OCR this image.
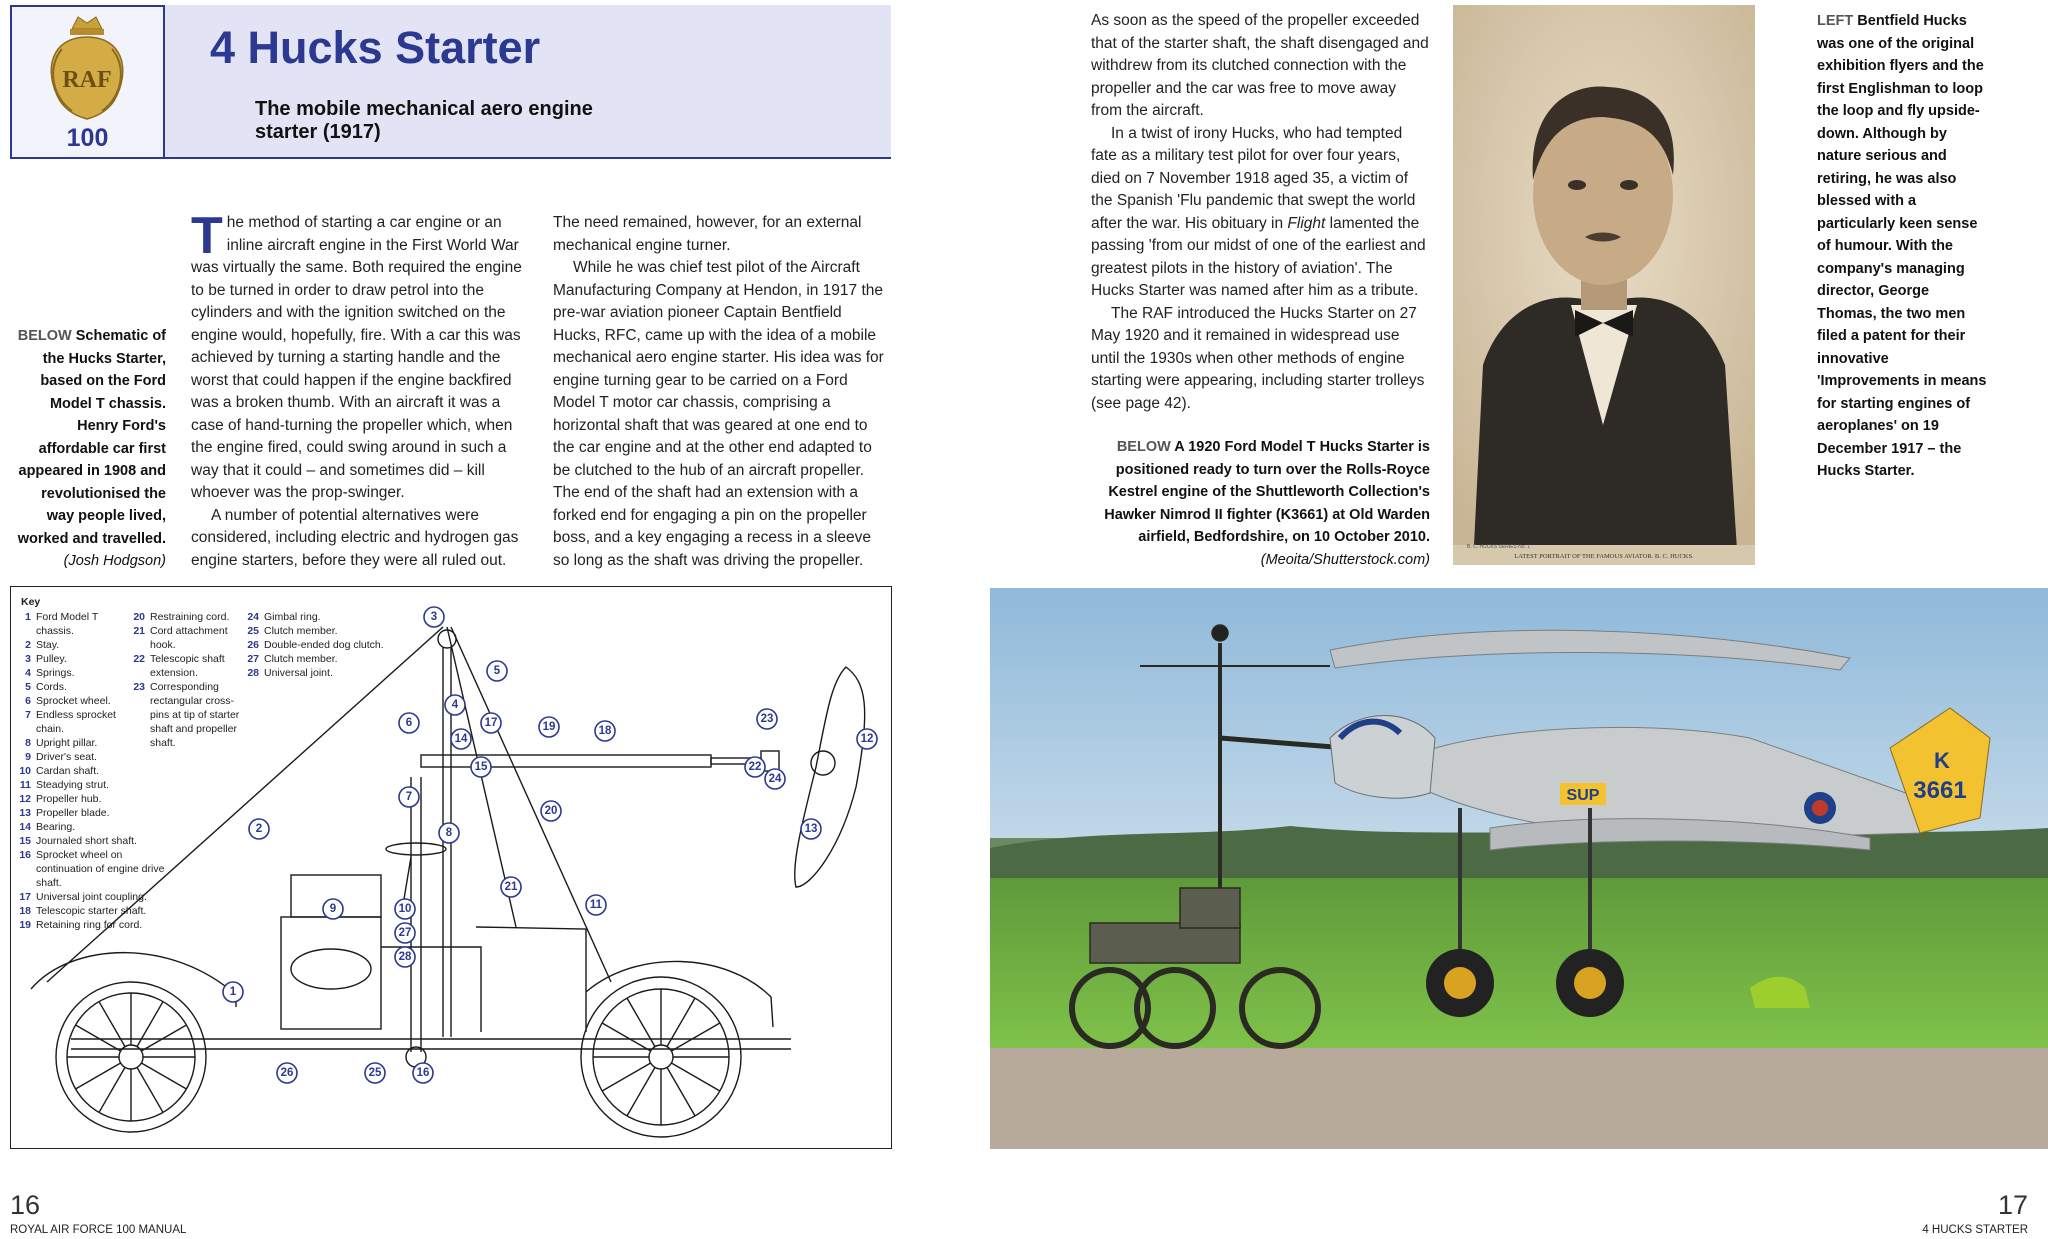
RAF
100
4 Hucks Starter
The mobile mechanical aero engine starter (1917)
BELOW Schematic of the Hucks Starter, based on the Ford Model T chassis. Henry Ford's affordable car first appeared in 1908 and revolutionised the way people lived, worked and travelled.
(Josh Hodgson)

The method of starting a car engine or an inline aircraft engine in the First World War was virtually the same. Both required the engine to be turned in order to draw petrol into the cylinders and with the ignition switched on the engine would, hopefully, fire. With a car this was achieved by turning a starting handle and the worst that could happen if the engine backfired was a broken thumb. With an aircraft it was a case of hand-turning the propeller which, when the engine fired, could swing around in such a way that it could – and sometimes did – kill whoever was the prop-swinger.

A number of potential alternatives were considered, including electric and hydrogen gas engine starters, before they were all ruled out.

The need remained, however, for an external mechanical engine turner.

While he was chief test pilot of the Aircraft Manufacturing Company at Hendon, in 1917 the pre-war aviation pioneer Captain Bentfield Hucks, RFC, came up with the idea of a mobile mechanical aero engine starter. His idea was for engine turning gear to be carried on a Ford Model T motor car chassis, comprising a horizontal shaft that was geared at one end to the car engine and at the other end adapted to be clutched to the hub of an aircraft propeller. The end of the shaft had an extension with a forked end for engaging a pin on the propeller boss, and a key engaging a recess in a sleeve so long as the shaft was driving the propeller.

As soon as the speed of the propeller exceeded that of the starter shaft, the shaft disengaged and withdrew from its clutched connection with the propeller and the car was free to move away from the aircraft.

In a twist of irony Hucks, who had tempted fate as a military test pilot for over four years, died on 7 November 1918 aged 35, a victim of the Spanish 'Flu pandemic that swept the world after the war. His obituary in Flight lamented the passing 'from our midst of one of the earliest and greatest pilots in the history of aviation'. The Hucks Starter was named after him as a tribute.

The RAF introduced the Hucks Starter on 27 May 1920 and it remained in widespread use until the 1930s when other methods of engine starting were appearing, including starter trolleys (see page 42).

BELOW A 1920 Ford Model T Hucks Starter is positioned ready to turn over the Rolls-Royce Kestrel engine of the Shuttleworth Collection's Hawker Nimrod II fighter (K3661) at Old Warden airfield, Bedfordshire, on 10 October 2010.
(Meoita/Shutterstock.com)
B. C. HUCKS SERIES No. 1
LATEST PORTRAIT OF THE FAMOUS AVIATOR. B. C. HUCKS.
LEFT Bentfield Hucks was one of the original exhibition flyers and the first Englishman to loop the loop and fly upside-down. Although by nature serious and retiring, he was also blessed with a particularly keen sense of humour. With the company's managing director, George Thomas, the two men filed a patent for their innovative 'Improvements in means for starting engines of aeroplanes' on 19 December 1917 – the Hucks Starter.
Key
1 Ford Model T
chassis.
2 Stay.
3 Pulley.
4 Springs.
5 Cords.
6 Sprocket wheel.
7 Endless sprocket
chain.
8 Upright pillar.
9 Driver's seat.
10 Cardan shaft.
11 Steadying strut.
12 Propeller hub.
13 Propeller blade.
14 Bearing.
15 Journaled short shaft.
16 Sprocket wheel on
continuation of engine drive
shaft.
17 Universal joint coupling.
18 Telescopic starter shaft.
19 Retaining ring for cord.
20 Restraining cord.
21 Cord attachment
hook.
22 Telescopic shaft
extension.
23 Corresponding
rectangular cross-
pins at tip of starter
shaft and propeller
shaft.
24 Gimbal ring.
25 Clutch member.
26 Double-ended dog clutch.
27 Clutch member.
28 Universal joint.
1
2
3
4
5
6
7
8
9	10	11
12
13
14
15
16
17
18
19
20
21
22
23
24
25
26
27
28
K
3661
SUP
16
ROYAL AIR FORCE 100 MANUAL
17
4 HUCKS STARTER
